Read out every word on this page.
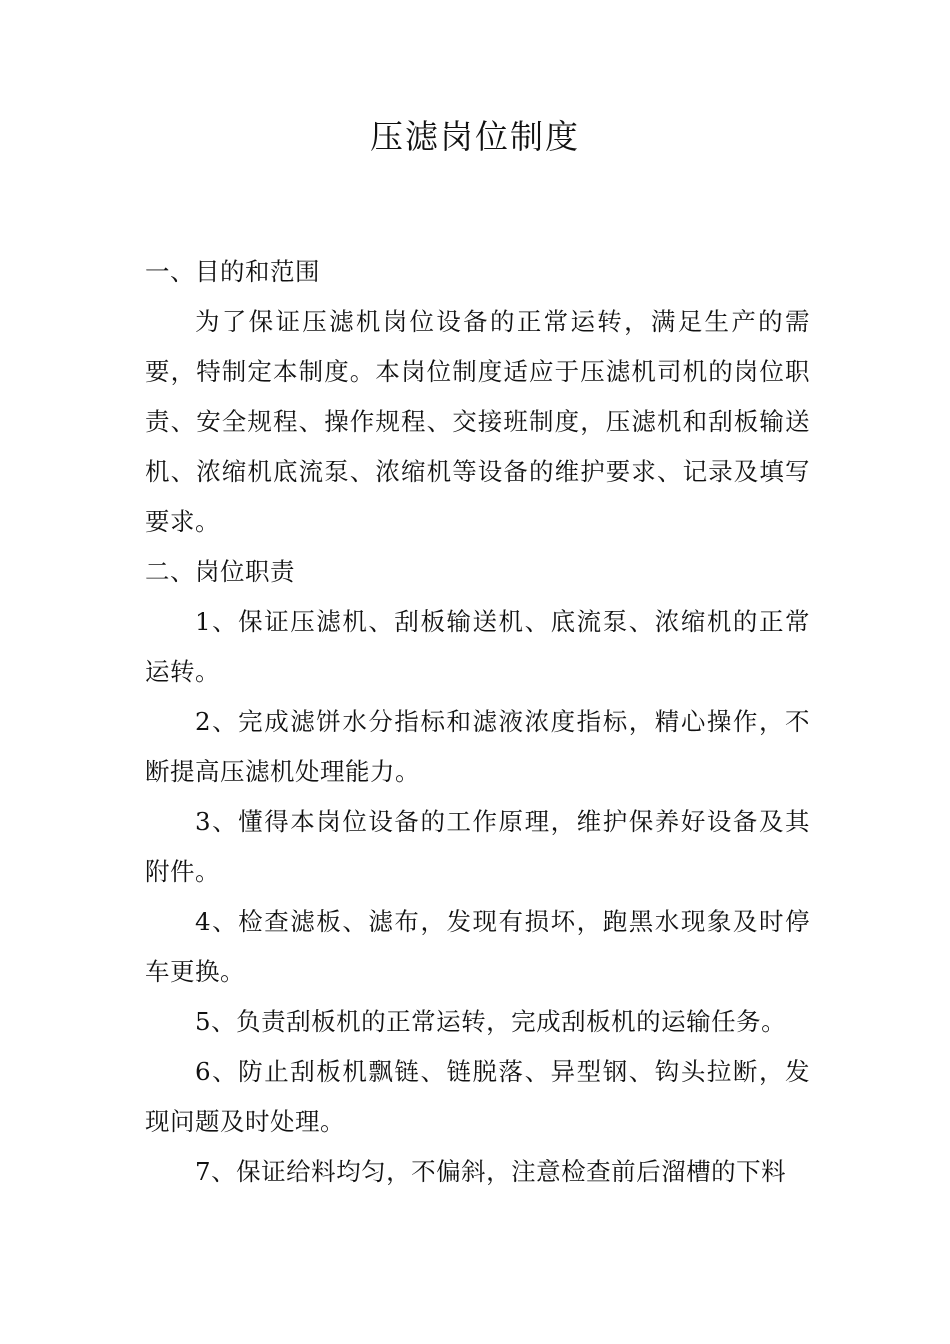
压滤岗位制度

一、目的和范围

为了保证压滤机岗位设备的正常运转，满足生产的需要，特制定本制度。本岗位制度适应于压滤机司机的岗位职责、安全规程、操作规程、交接班制度，压滤机和刮板输送机、浓缩机底流泵、浓缩机等设备的维护要求、记录及填写要求。

二、岗位职责

1、保证压滤机、刮板输送机、底流泵、浓缩机的正常运转。

2、完成滤饼水分指标和滤液浓度指标，精心操作，不断提高压滤机处理能力。

3、懂得本岗位设备的工作原理，维护保养好设备及其附件。

4、检查滤板、滤布，发现有损坏，跑黑水现象及时停车更换。

5、负责刮板机的正常运转，完成刮板机的运输任务。

6、防止刮板机飘链、链脱落、异型钢、钩头拉断，发现问题及时处理。

7、保证给料均匀，不偏斜，注意检查前后溜槽的下料
